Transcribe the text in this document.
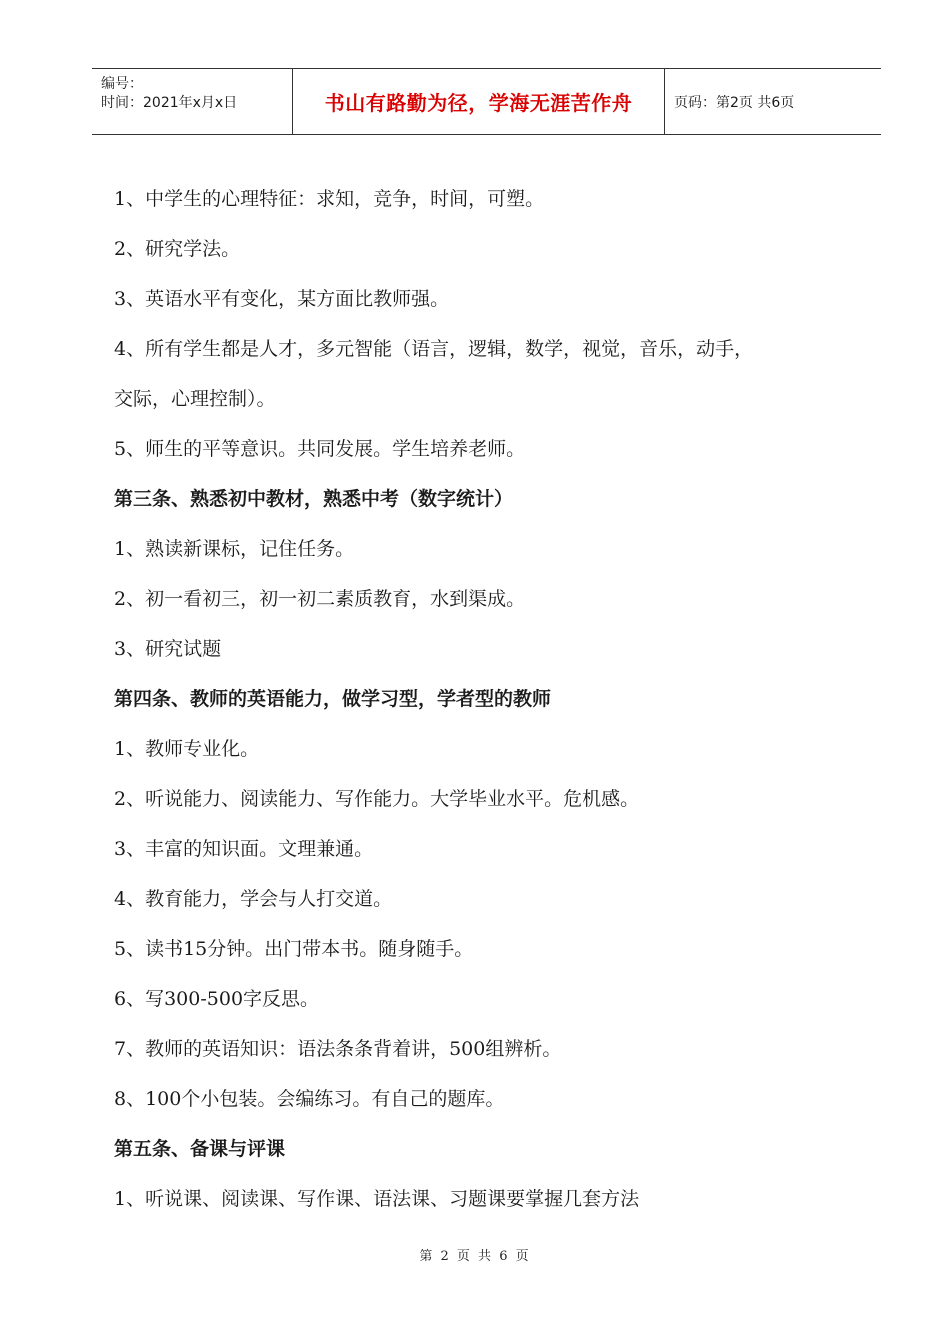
编号：
时间：2021年x月x日	书山有路勤为径，学海无涯苦作舟	页码：第2页 共6页
1、中学生的心理特征：求知，竞争，时间，可塑。
2、研究学法。
3、英语水平有变化，某方面比教师强。
4、所有学生都是人才，多元智能（语言，逻辑，数学，视觉，音乐，动手，
交际，心理控制）。
5、师生的平等意识。共同发展。学生培养老师。
第三条、熟悉初中教材，熟悉中考（数字统计）
1、熟读新课标，记住任务。
2、初一看初三，初一初二素质教育，水到渠成。
3、研究试题
第四条、教师的英语能力，做学习型，学者型的教师
1、教师专业化。
2、听说能力、阅读能力、写作能力。大学毕业水平。危机感。
3、丰富的知识面。文理兼通。
4、教育能力，学会与人打交道。
5、读书15分钟。出门带本书。随身随手。
6、写300-500字反思。
7、教师的英语知识：语法条条背着讲，500组辨析。
8、100个小包装。会编练习。有自己的题库。
第五条、备课与评课
1、听说课、阅读课、写作课、语法课、习题课要掌握几套方法
第 2 页 共 6 页
